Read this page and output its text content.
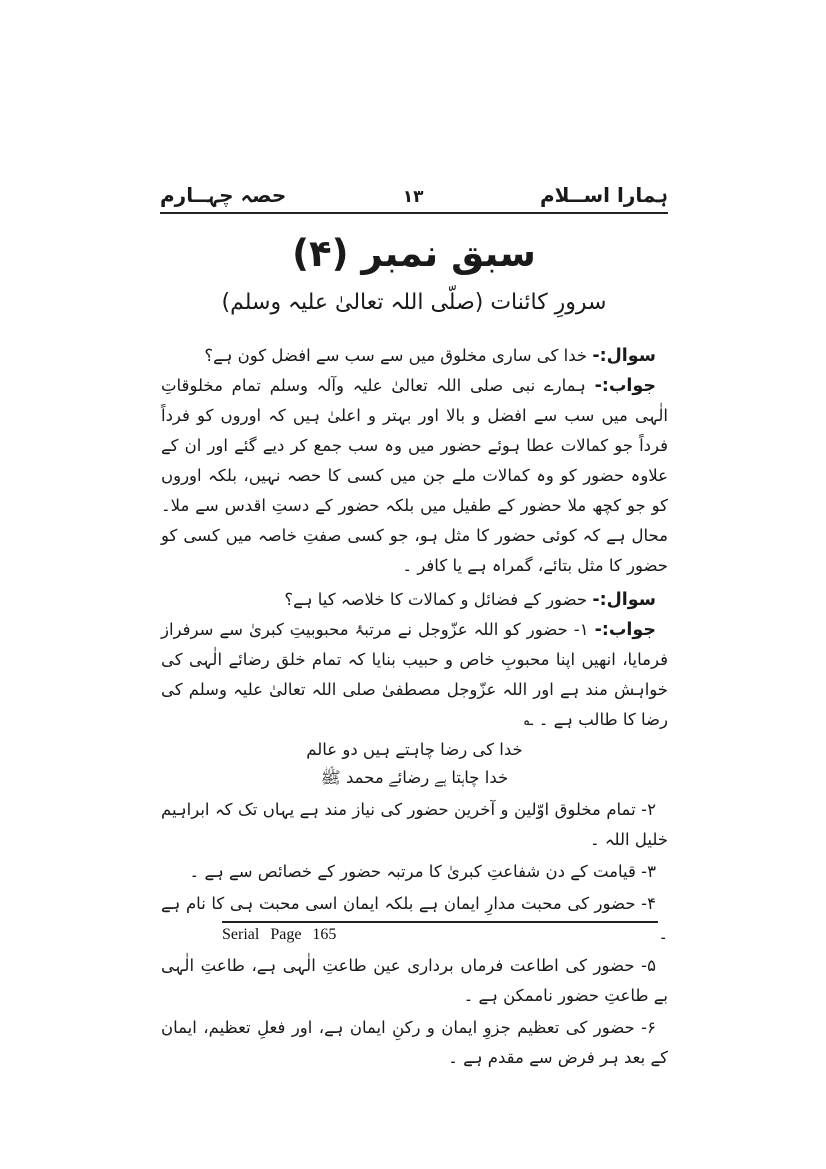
ہمارا اســلام
۱۳
حصہ چہــارم
سبق نمبر (۴)
سرورِ کائنات (صلّی اللہ تعالیٰ علیہ وسلم)

سوال:- خدا کی ساری مخلوق میں سے سب سے افضل کون ہے؟

جواب:- ہمارے نبی صلی اللہ تعالیٰ علیہ وآلہ وسلم تمام مخلوقاتِ الٰہی میں سب سے افضل و بالا اور بہتر و اعلیٰ ہیں کہ اوروں کو فرداً فرداً جو کمالات عطا ہوئے حضور میں وہ سب جمع کر دیے گئے اور ان کے علاوہ حضور کو وہ کمالات ملے جن میں کسی کا حصہ نہیں، بلکہ اوروں کو جو کچھ ملا حضور کے طفیل میں بلکہ حضور کے دستِ اقدس سے ملا۔ محال ہے کہ کوئی حضور کا مثل ہو، جو کسی صفتِ خاصہ میں کسی کو حضور کا مثل بتائے، گمراہ ہے یا کافر ۔

سوال:- حضور کے فضائل و کمالات کا خلاصہ کیا ہے؟

جواب:- ۱- حضور کو اللہ عزّوجل نے مرتبۂ محبوبیتِ کبریٰ سے سرفراز فرمایا، انھیں اپنا محبوبِ خاص و حبیب بنایا کہ تمام خلق رضائے الٰہی کی خواہش مند ہے اور اللہ عزّوجل مصطفیٰ صلی اللہ تعالیٰ علیہ وسلم کی رضا کا طالب ہے ۔ ؎

خدا کی رضا چاہتے ہیں دو عالم
خدا چاہتا ہے رضائے محمد ﷺ

۲- تمام مخلوق اوّلین و آخرین حضور کی نیاز مند ہے یہاں تک کہ ابراہیم خلیل اللہ ۔

۳- قیامت کے دن شفاعتِ کبریٰ کا مرتبہ حضور کے خصائص سے ہے ۔

۴- حضور کی محبت مدارِ ایمان ہے بلکہ ایمان اسی محبت ہی کا نام ہے ۔

۵- حضور کی اطاعت فرماں برداری عین طاعتِ الٰہی ہے، طاعتِ الٰہی بے طاعتِ حضور ناممکن ہے ۔

۶- حضور کی تعظیم جزوِ ایمان و رکنِ ایمان ہے، اور فعلِ تعظیم، ایمان کے بعد ہر فرض سے مقدم ہے ۔

Serial Page 165
